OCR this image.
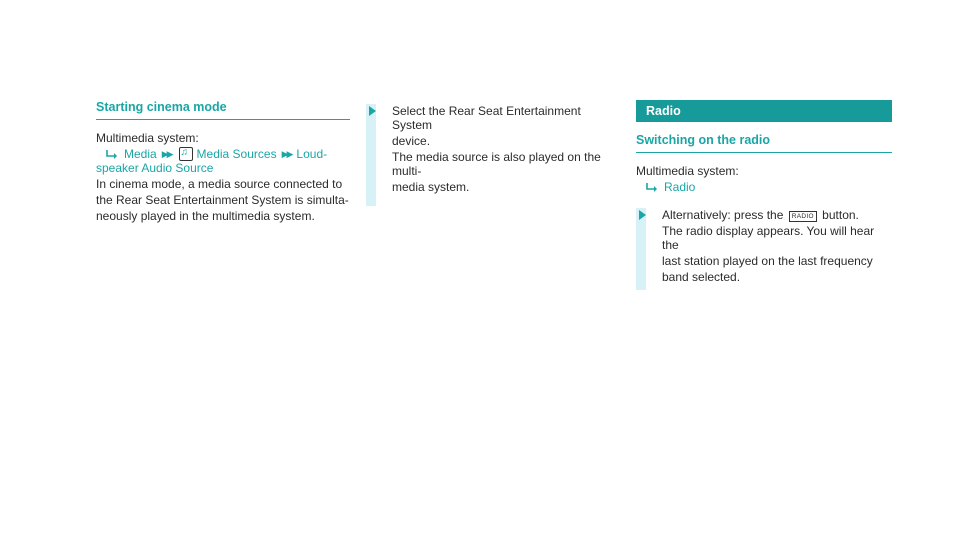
Starting cinema mode
Multimedia system:
Media ▶▶
♫ Media Sources ▶▶ Loud-
speaker Audio Source
In cinema mode, a media source connected to
the Rear Seat Entertainment System is simulta-
neously played in the multimedia system.
Select the Rear Seat Entertainment System
device.
The media source is also played on the multi-
media system.
Radio
Switching on the radio
Multimedia system:
Radio
Alternatively: press the RADIO button.
The radio display appears. You will hear the
last station played on the last frequency
band selected.
